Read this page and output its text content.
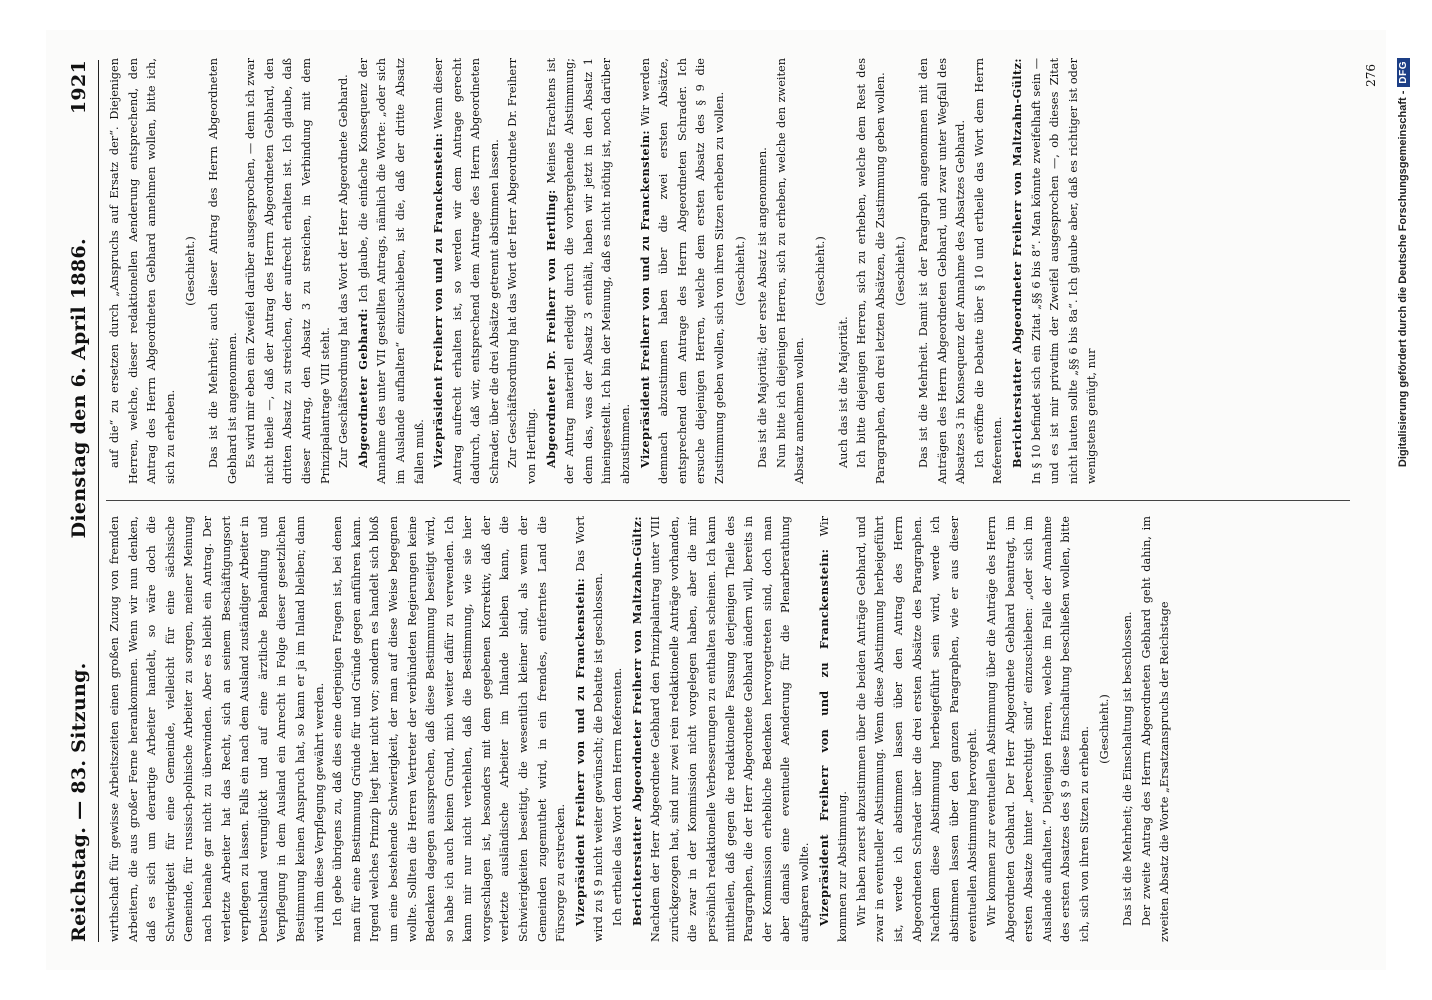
Reichstag. — 83. Sitzung.
Dienstag den 6. April 1886.
1921

wirthschaft für gewisse Arbeitszeiten einen großen Zuzug von fremden Arbeitern, die aus großer Ferne herankommen. Wenn wir nun denken, daß es sich um derartige Arbeiter handelt, so wäre doch die Schwierigkeit für eine Gemeinde, vielleicht für eine sächsische Gemeinde, für russisch-polnische Arbeiter zu sorgen, meiner Meinung nach beinahe gar nicht zu überwinden. Aber es bleibt ein Antrag. Der verletzte Arbeiter hat das Recht, sich an seinem Beschäftigungsort verpflegen zu lassen. Falls ein nach dem Ausland zuständiger Arbeiter in Deutschland verunglückt und auf eine ärztliche Behandlung und Verpflegung in dem Ausland ein Anrecht in Folge dieser gesetzlichen Bestimmung keinen Anspruch hat, so kann er ja im Inland bleiben; dann wird ihm diese Verpflegung gewährt werden. Ich gebe übrigens zu, daß dies eine derjenigen Fragen ist, bei denen man für eine Bestimmung Gründe für und Gründe gegen anführen kann. Irgend welches Prinzip liegt hier nicht vor; sondern es handelt sich bloß um eine bestehende Schwierigkeit, der man auf diese Weise begegnen wollte. Sollten die Herren Vertreter der verbündeten Regierungen keine Bedenken dagegen aussprechen, daß diese Bestimmung beseitigt wird, so habe ich auch keinen Grund, mich weiter dafür zu verwenden. Ich kann mir nur nicht verhehlen, daß die Bestimmung, wie sie hier vorgeschlagen ist, besonders mit dem gegebenen Korrektiv, daß der verletzte ausländische Arbeiter im Inlande bleiben kann, die Schwierigkeiten beseitigt, die wesentlich kleiner sind, als wenn der Gemeinden zugemuthet wird, in ein fremdes, entferntes Land die Fürsorge zu erstrecken. Vizepräsident Freiherr von und zu Franckenstein: Das Wort wird zu § 9 nicht weiter gewünscht; die Debatte ist geschlossen. Ich ertheile das Wort dem Herrn Referenten. Berichterstatter Abgeordneter Freiherr von Maltzahn-Gültz: Nachdem der Herr Abgeordnete Gebhard den Prinzipalantrag unter VIII zurückgezogen hat, sind nur zwei rein redaktionelle Anträge vorhanden, die zwar in der Kommission nicht vorgelegen haben, aber die mir persönlich redaktionelle Verbesserungen zu enthalten scheinen. Ich kann mittheilen, daß gegen die redaktionelle Fassung derjenigen Theile des Paragraphen, die der Herr Abgeordnete Gebhard ändern will, bereits in der Kommission erhebliche Bedenken hervorgetreten sind, doch man aber damals eine eventuelle Aenderung für die Plenarberathung aufsparen wollte. Vizepräsident Freiherr von und zu Franckenstein: Wir kommen zur Abstimmung. Wir haben zuerst abzustimmen über die beiden Anträge Gebhard, und zwar in eventueller Abstimmung. Wenn diese Abstimmung herbeigeführt ist, werde ich abstimmen lassen über den Antrag des Herrn Abgeordneten Schrader über die drei ersten Absätze des Paragraphen. Nachdem diese Abstimmung herbeigeführt sein wird, werde ich abstimmen lassen über den ganzen Paragraphen, wie er aus dieser eventuellen Abstimmung hervorgeht. Wir kommen zur eventuellen Abstimmung über die Anträge des Herrn Abgeordneten Gebhard. Der Herr Abgeordnete Gebhard beantragt, im ersten Absatze hinter „berechtigt sind“ einzuschieben: „oder sich im Auslande aufhalten.“ Diejenigen Herren, welche im Falle der Annahme des ersten Absatzes des § 9 diese Einschaltung beschließen wollen, bitte ich, sich von ihren Sitzen zu erheben. (Geschieht.) Das ist die Mehrheit; die Einschaltung ist beschlossen. Der zweite Antrag des Herrn Abgeordneten Gebhard geht dahin, im zweiten Absatz die Worte „Ersatzanspruchs der Reichstage

auf die“ zu ersetzen durch „Anspruchs auf Ersatz der“. Diejenigen Herren, welche, dieser redaktionellen Aenderung entsprechend, den Antrag des Herrn Abgeordneten Gebhard annehmen wollen, bitte ich, sich zu erheben.

(Geschieht.) Das ist die Mehrheit; auch dieser Antrag des Herrn Abgeordneten Gebhard ist angenommen. Es wird mir eben ein Zweifel darüber ausgesprochen, — denn ich zwar nicht theile —, daß der Antrag des Herrn Abgeordneten Gebhard, den dritten Absatz zu streichen, der aufrecht erhalten ist. Ich glaube, daß dieser Antrag, den Absatz 3 zu streichen, in Verbindung mit dem Prinzipalantrage VIII steht. Zur Geschäftsordnung hat das Wort der Herr Abgeordnete Gebhard. Abgeordneter Gebhard: Ich glaube, die einfache Konsequenz der Annahme des unter VII gestellten Antrags, nämlich die Worte: „oder sich im Auslande aufhalten“ einzuschieben, ist die, daß der dritte Absatz fallen muß. Vizepräsident Freiherr von und zu Franckenstein: Wenn dieser Antrag aufrecht erhalten ist, so werden wir dem Antrage gerecht dadurch, daß wir, entsprechend dem Antrage des Herrn Abgeordneten Schrader, über die drei Absätze getrennt abstimmen lassen. Zur Geschäftsordnung hat das Wort der Herr Abgeordnete Dr. Freiherr von Hertling. Abgeordneter Dr. Freiherr von Hertling: Meines Erachtens ist der Antrag materiell erledigt durch die vorhergehende Abstimmung; denn das, was der Absatz 3 enthält, haben wir jetzt in den Absatz 1 hineingestellt. Ich bin der Meinung, daß es nicht nöthig ist, noch darüber abzustimmen. Vizepräsident Freiherr von und zu Franckenstein: Wir werden demnach abzustimmen haben über die zwei ersten Absätze, entsprechend dem Antrage des Herrn Abgeordneten Schrader. Ich ersuche diejenigen Herren, welche dem ersten Absatz des § 9 die Zustimmung geben wollen, sich von ihren Sitzen erheben zu wollen. (Geschieht.) Das ist die Majorität; der erste Absatz ist angenommen. Nun bitte ich diejenigen Herren, sich zu erheben, welche den zweiten Absatz annehmen wollen.

(Geschieht.)

Auch das ist die Majorität. Ich bitte diejenigen Herren, sich zu erheben, welche dem Rest des Paragraphen, den drei letzten Absätzen, die Zustimmung geben wollen. (Geschieht.) Das ist die Mehrheit. Damit ist der Paragraph angenommen mit den Anträgen des Herrn Abgeordneten Gebhard, und zwar unter Wegfall des Absatzes 3 in Konsequenz der Annahme des Absatzes Gebhard. Ich eröffne die Debatte über § 10 und ertheile das Wort dem Herrn Referenten. Berichterstatter Abgeordneter Freiherr von Maltzahn-Gültz: In § 10 befindet sich ein Zitat „§§ 6 bis 8“. Man könnte zweifelhaft sein — und es ist mir privatim der Zweifel ausgesprochen —, ob dieses Zitat nicht lauten sollte „§§ 6 bis 8a“. Ich glaube aber, daß es richtiger ist oder wenigstens genügt, nur

276
Digitalisierung gefördert durch die Deutsche Forschungsgemeinschaft -
DFG
